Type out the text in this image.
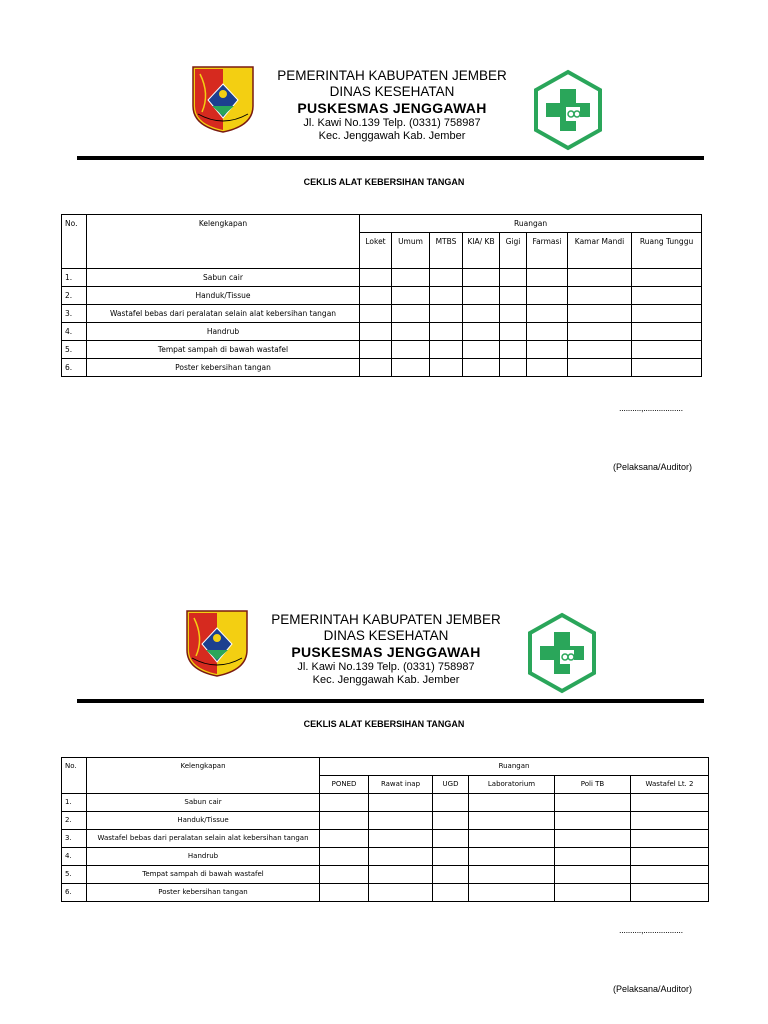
PEMERINTAH KABUPATEN JEMBER
DINAS KESEHATAN
PUSKESMAS JENGGAWAH
Jl. Kawi No.139 Telp. (0331) 758987
Kec. Jenggawah Kab. Jember
CEKLIS ALAT KEBERSIHAN TANGAN
No.	Kelengkapan	Ruangan							
		Loket	Umum	MTBS	KIA/ KB	Gigi	Farmasi	Kamar Mandi	Ruang Tunggu
1.	Sabun cair								
2.	Handuk/Tissue								
3.	Wastafel bebas dari peralatan selain alat kebersihan tangan								
4.	Handrub								
5.	Tempat sampah di bawah wastafel								
6.	Poster kebersihan tangan								
..........,..................
(Pelaksana/Auditor)
PEMERINTAH KABUPATEN JEMBER
DINAS KESEHATAN
PUSKESMAS JENGGAWAH
Jl. Kawi No.139 Telp. (0331) 758987
Kec. Jenggawah Kab. Jember
CEKLIS ALAT KEBERSIHAN TANGAN
No.	Kelengkapan	Ruangan					
		PONED	Rawat inap	UGD	Laboratorium	Poli TB	Wastafel Lt. 2
1.	Sabun cair						
2.	Handuk/Tissue						
3.	Wastafel bebas dari peralatan selain alat kebersihan tangan						
4.	Handrub						
5.	Tempat sampah di bawah wastafel						
6.	Poster kebersihan tangan						
..........,..................
(Pelaksana/Auditor)
